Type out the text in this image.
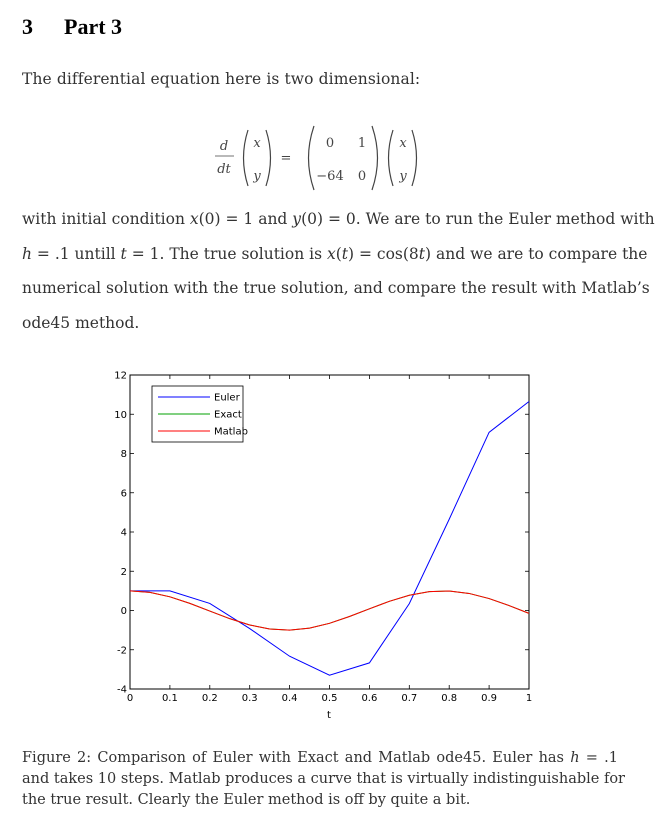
3 Part 3
The differential equation here is two dimensional:
d
dt
x
y
=
0 1
−64 0
x
y
with initial condition x(0) = 1 and y(0) = 0. We are to run the Euler method with
h = .1 untill t = 1. The true solution is x(t) = cos(8t) and we are to compare the
numerical solution with the true solution, and compare the result with Matlab’s
ode45 method.
0	0.1 0.2 0.3 0.4 0.5 0.6 0.7 0.8 0.9	1
-4
-2
0
2
4
6
8
10
12
Euler
Exact
Matlab
t
Figure 2: Comparison of Euler with Exact and Matlab ode45. Euler has h = .1
and takes 10 steps. Matlab produces a curve that is virtually indistinguishable for
the true result. Clearly the Euler method is off by quite a bit.
